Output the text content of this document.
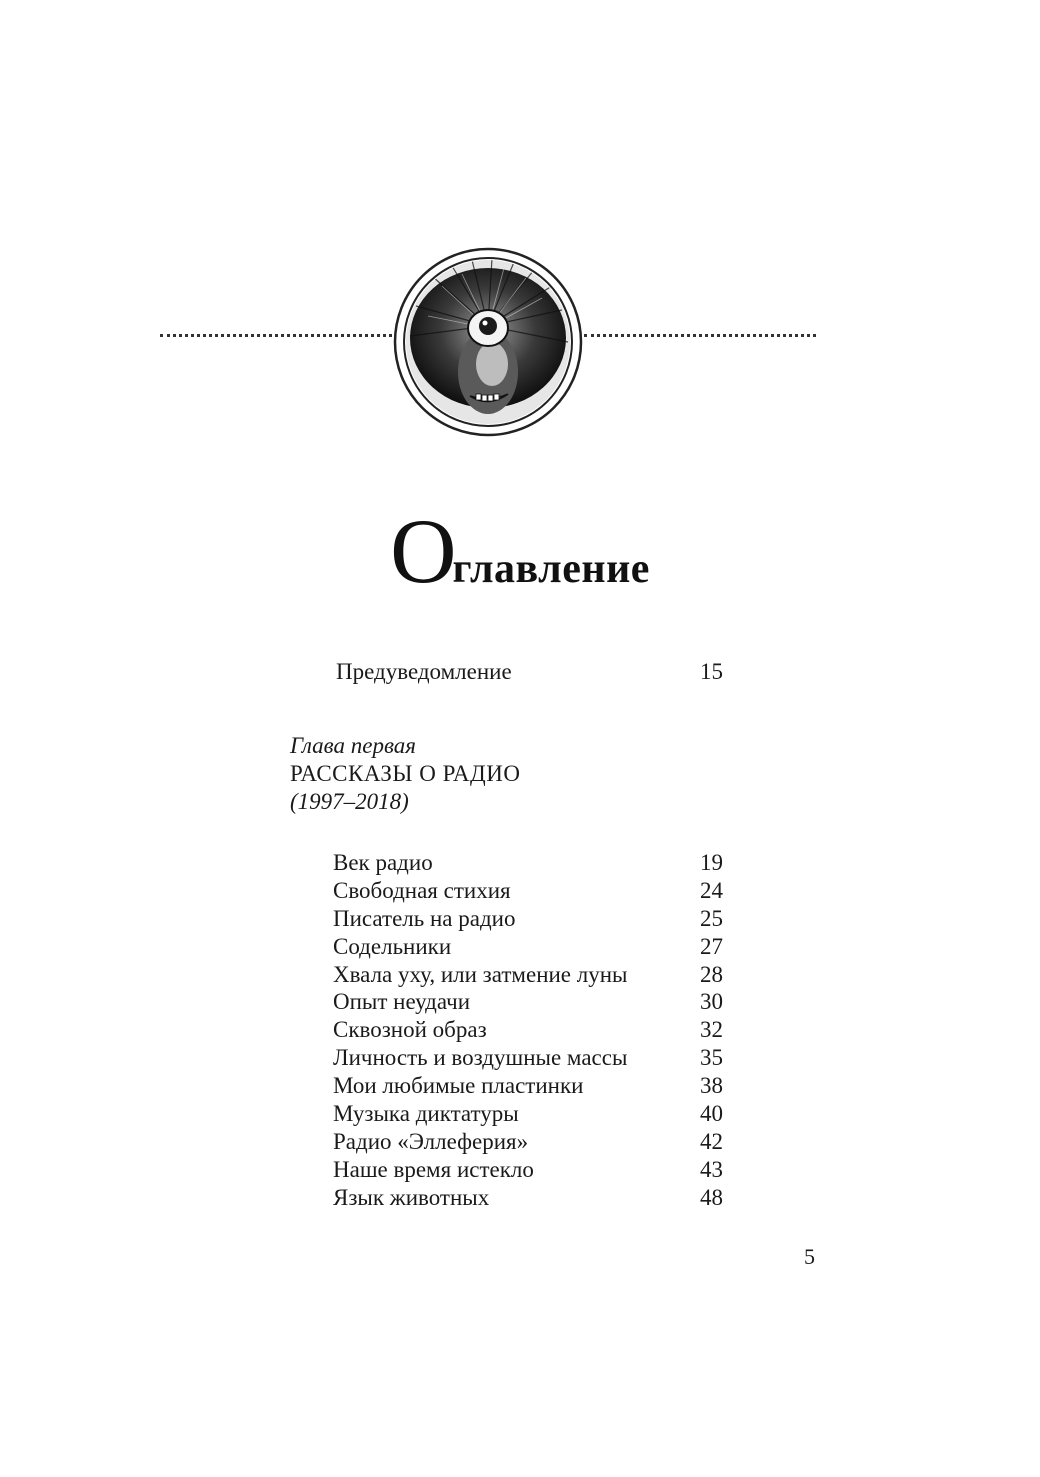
Оглавление
Предуведомление	15
Глава первая
РАССКАЗЫ О РАДИО
(1997–2018)
Век радио	19
Свободная стихия	24
Писатель на радио	25
Содельники	27
Хвала уху, или затмение луны	28
Опыт неудачи	30
Сквозной образ	32
Личность и воздушные массы	35
Мои любимые пластинки	38
Музыка диктатуры	40
Радио «Эллеферия»	42
Наше время истекло	43
Язык животных	48
5
